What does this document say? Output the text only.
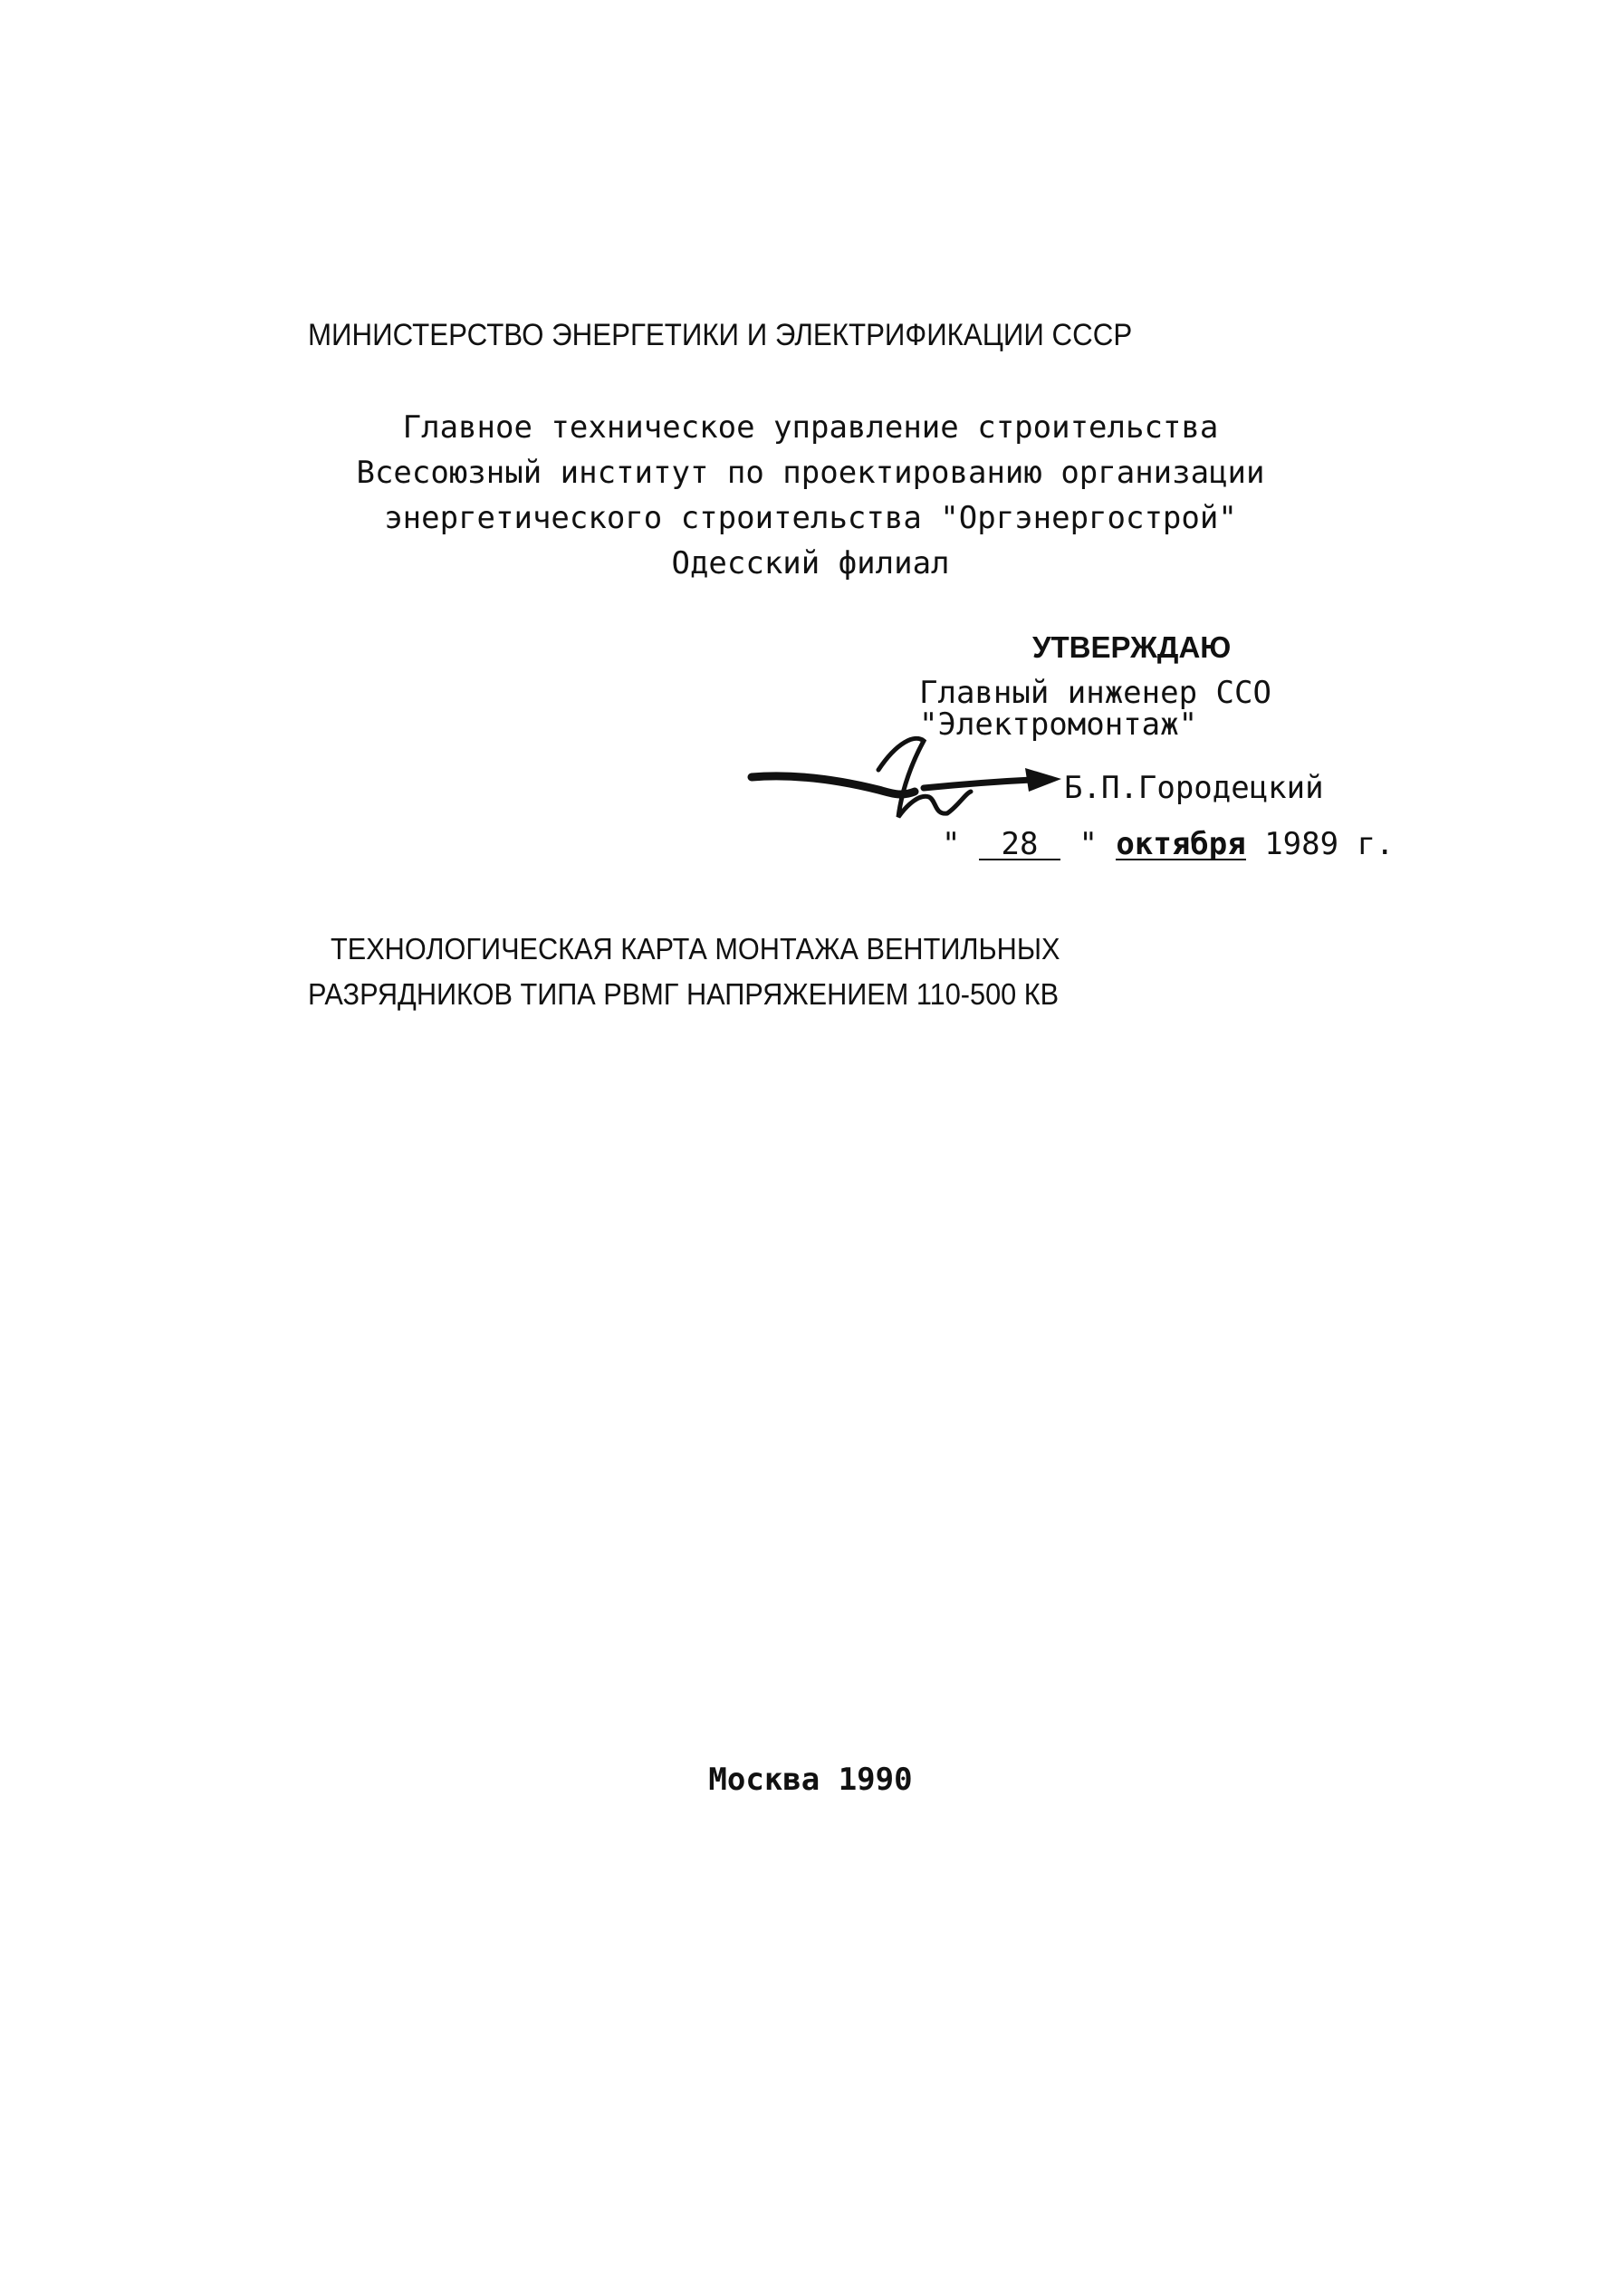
МИНИСТЕРСТВО ЭНЕРГЕТИКИ И ЭЛЕКТРИФИКАЦИИ СССР
Главное техническое управление строительства
Всесоюзный институт по проектированию организации
энергетического строительства "Оргэнергострой"
Одесский филиал
УТВЕРЖДАЮ
Главный инженер ССО
"Электромонтаж"
Б.П.Городецкий
" 28 " октября 1989 г.
ТЕХНОЛОГИЧЕСКАЯ КАРТА МОНТАЖА ВЕНТИЛЬНЫХ
РАЗРЯДНИКОВ ТИПА РВМГ НАПРЯЖЕНИЕМ 110-500 КВ
Москва 1990
